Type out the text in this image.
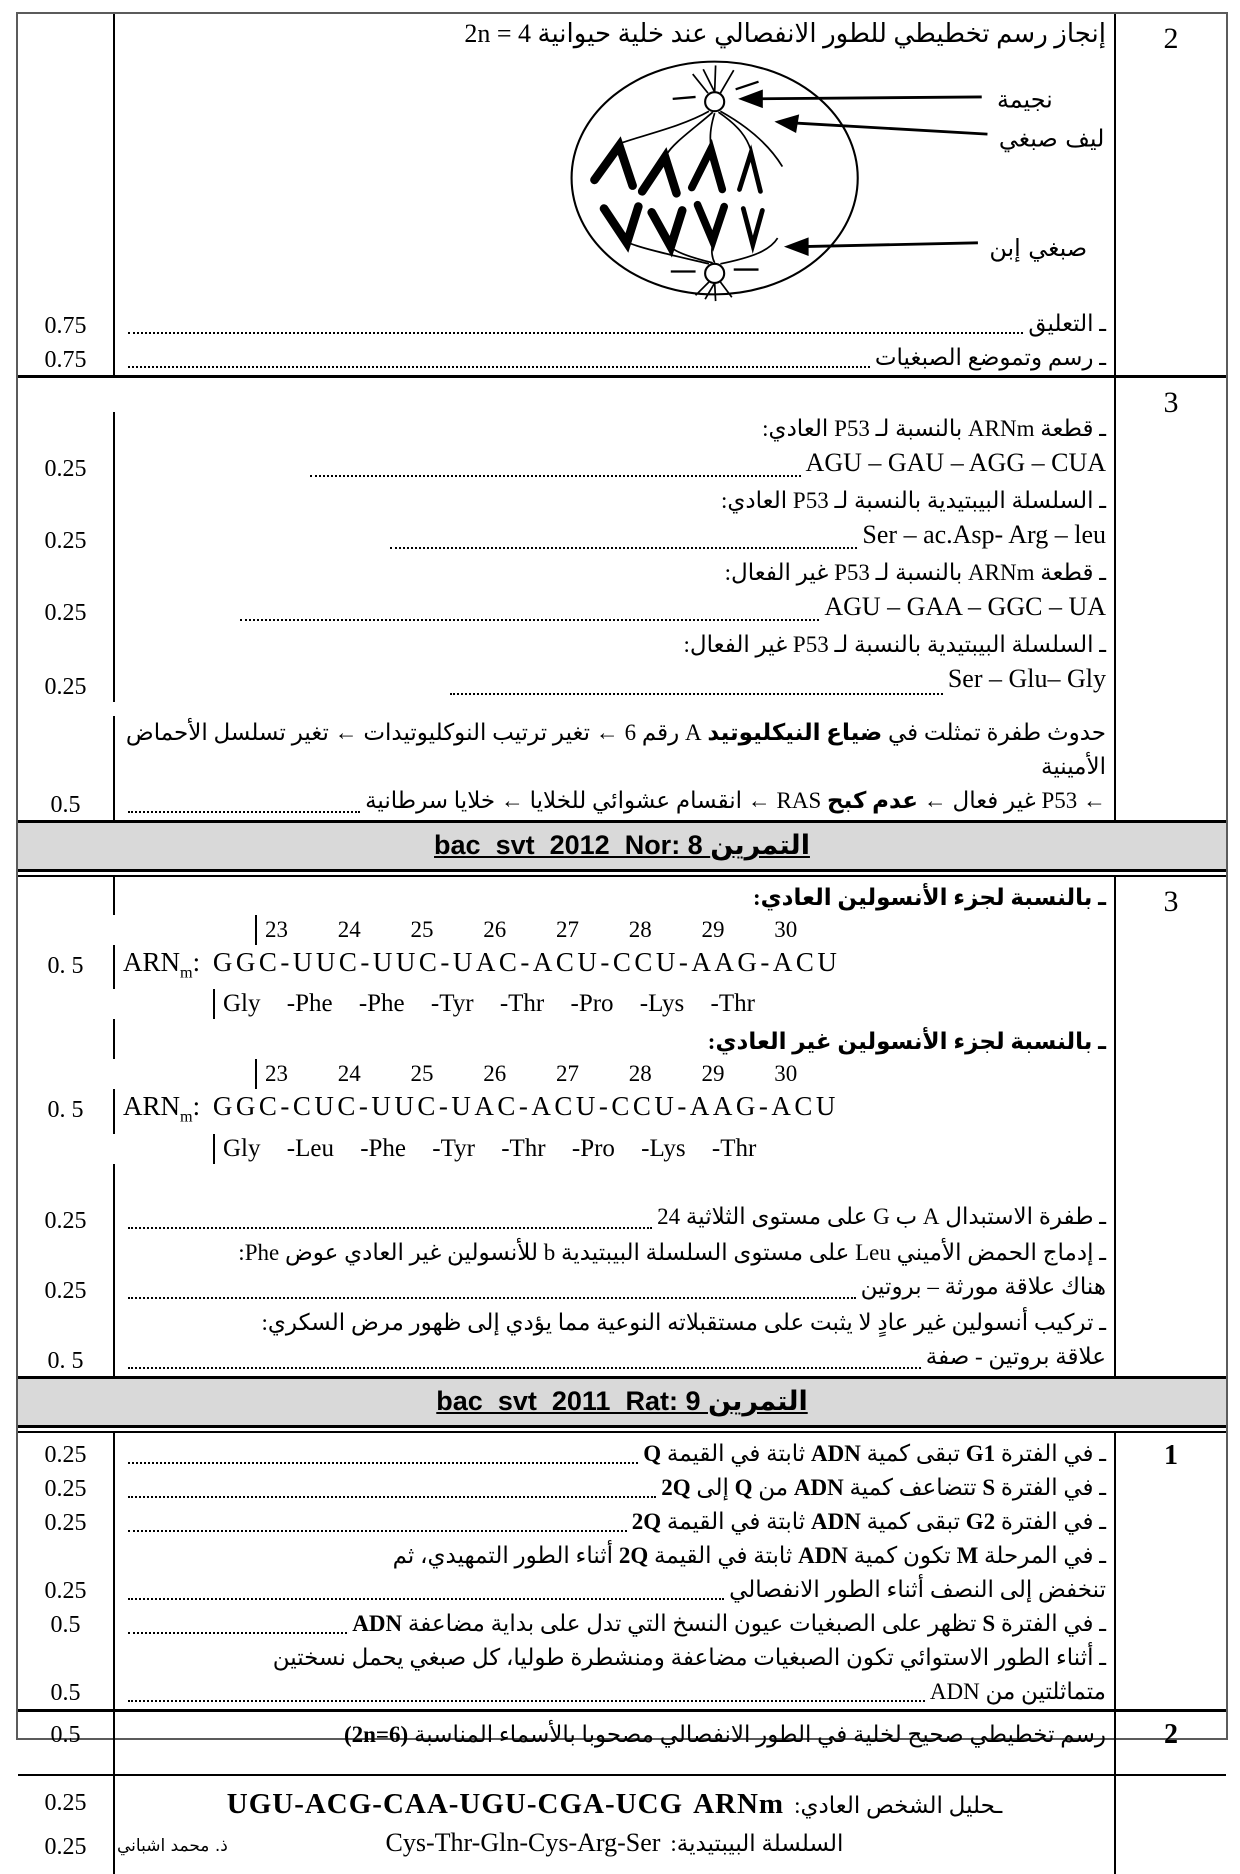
2
إنجاز رسم تخطيطي للطور الانفصالي عند خلية حيوانية 2n = 4
نجيمة
ليف صبغي
صبغي إبن
0.75	ـ التعليق
0.75	ـ رسم وتموضع الصبغيات
3
ـ قطعة ARNm بالنسبة لـ P53 العادي:
0.25	AGU – GAU – AGG – CUA
ـ السلسلة البيبتيدية بالنسبة لـ P53 العادي:
0.25	Ser – ac.Asp- Arg – leu
ـ قطعة ARNm بالنسبة لـ P53 غير الفعال:
0.25	AGU – GAA – GGC – UA
ـ السلسلة البيبتيدية بالنسبة لـ P53 غير الفعال:
0.25	Ser – Glu– Gly
حدوث طفرة تمثلت في ضياع النيكليوتيد A رقم 6 ← تغير ترتيب النوكليوتيدات ← تغير تسلسل الأحماض الأمينية
0.5	← P53 غير فعال ← عدم كبح RAS ← انقسام عشوائي للخلايا ← خلايا سرطانية
bac_svt_2012_Nor: 8 التمرين
3
ـ بالنسبة لجزء الأنسولين العادي:
23 24 25 26 27 28 29 30
0. 5	$ARN_m$: GGC-UUC-UUC-UAC-ACU-CCU-AAG-ACU
Gly -Phe -Phe -Tyr -Thr -Pro -Lys -Thr
ـ بالنسبة لجزء الأنسولين غير العادي:
23 24 25 26 27 28 29 30
0. 5	$ARN_m$: GGC-CUC-UUC-UAC-ACU-CCU-AAG-ACU
Gly -Leu -Phe -Tyr -Thr -Pro -Lys -Thr
0.25	ـ طفرة الاستبدال A ب G على مستوى الثلاثية 24
ـ إدماج الحمض الأميني Leu على مستوى السلسلة البيبتيدية b للأنسولين غير العادي عوض Phe:
0.25	هناك علاقة مورثة – بروتين
ـ تركيب أنسولين غير عادٍ لا يثبت على مستقبلاته النوعية مما يؤدي إلى ظهور مرض السكري:
0. 5	علاقة بروتين - صفة
bac_svt_2011_Rat: 9 التمرين
1
0.25	ـ في الفترة G1 تبقى كمية ADN ثابتة في القيمة Q
0.25	ـ في الفترة S تتضاعف كمية ADN من Q إلى 2Q
0.25	ـ في الفترة G2 تبقى كمية ADN ثابتة في القيمة 2Q
ـ في المرحلة M تكون كمية ADN ثابتة في القيمة 2Q أثناء الطور التمهيدي، ثم
0.25	تنخفض إلى النصف أثناء الطور الانفصالي
0.5	ـ في الفترة S تظهر على الصبغيات عيون النسخ التي تدل على بداية مضاعفة ADN
ـ أثناء الطور الاستوائي تكون الصبغيات مضاعفة ومنشطرة طوليا، كل صبغي يحمل نسختين
0.5	متماثلتين من ADN
2
0.5	رسم تخطيطي صحيح لخلية في الطور الانفصالي مصحوبا بالأسماء المناسبة (2n=6)
0.25	UGU-ACG-CAA-UGU-CGA-UCG ARNm ـحليل الشخص العادي:
0.25	Cys-Thr-Gln-Cys-Arg-Ser السلسلة البيبتيدية:
ذ. محمد اشباني
